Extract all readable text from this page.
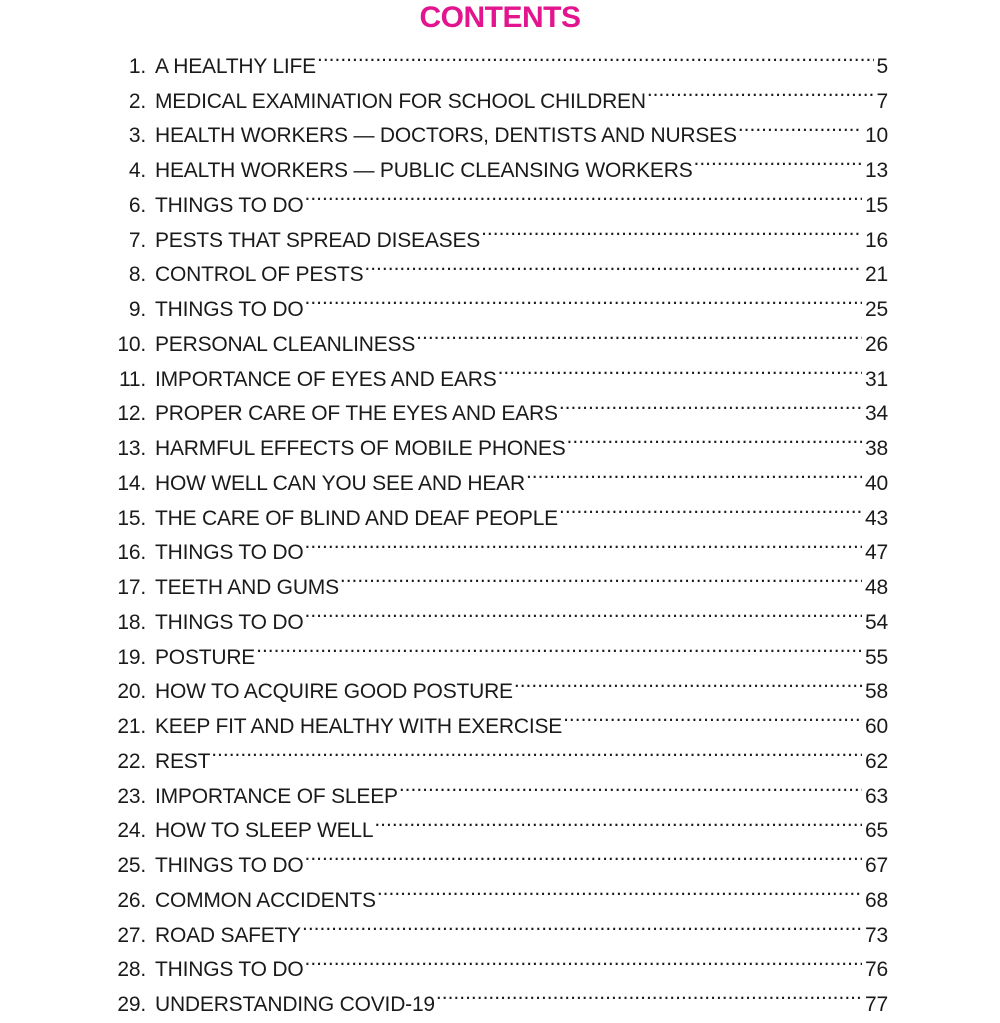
CONTENTS
1. A HEALTHY LIFE .....	5
2. MEDICAL EXAMINATION FOR SCHOOL CHILDREN .....	7
3. HEALTH WORKERS — DOCTORS, DENTISTS AND NURSES .....	10
4. HEALTH WORKERS — PUBLIC CLEANSING WORKERS .....	13
6. THINGS TO DO .....	15
7. PESTS THAT SPREAD DISEASES .....	16
8. CONTROL OF PESTS .....	21
9. THINGS TO DO .....	25
10. PERSONAL CLEANLINESS .....	26
11. IMPORTANCE OF EYES AND EARS .....	31
12. PROPER CARE OF THE EYES AND EARS .....	34
13. HARMFUL EFFECTS OF MOBILE PHONES .....	38
14. HOW WELL CAN YOU SEE AND HEAR .....	40
15. THE CARE OF BLIND AND DEAF PEOPLE .....	43
16. THINGS TO DO .....	47
17. TEETH AND GUMS .....	48
18. THINGS TO DO .....	54
19. POSTURE .....	55
20. HOW TO ACQUIRE GOOD POSTURE .....	58
21. KEEP FIT AND HEALTHY WITH EXERCISE .....	60
22. REST .....	62
23. IMPORTANCE OF SLEEP .....	63
24. HOW TO SLEEP WELL .....	65
25. THINGS TO DO .....	67
26. COMMON ACCIDENTS .....	68
27. ROAD SAFETY .....	73
28. THINGS TO DO .....	76
29. UNDERSTANDING COVID-19 .....	77
